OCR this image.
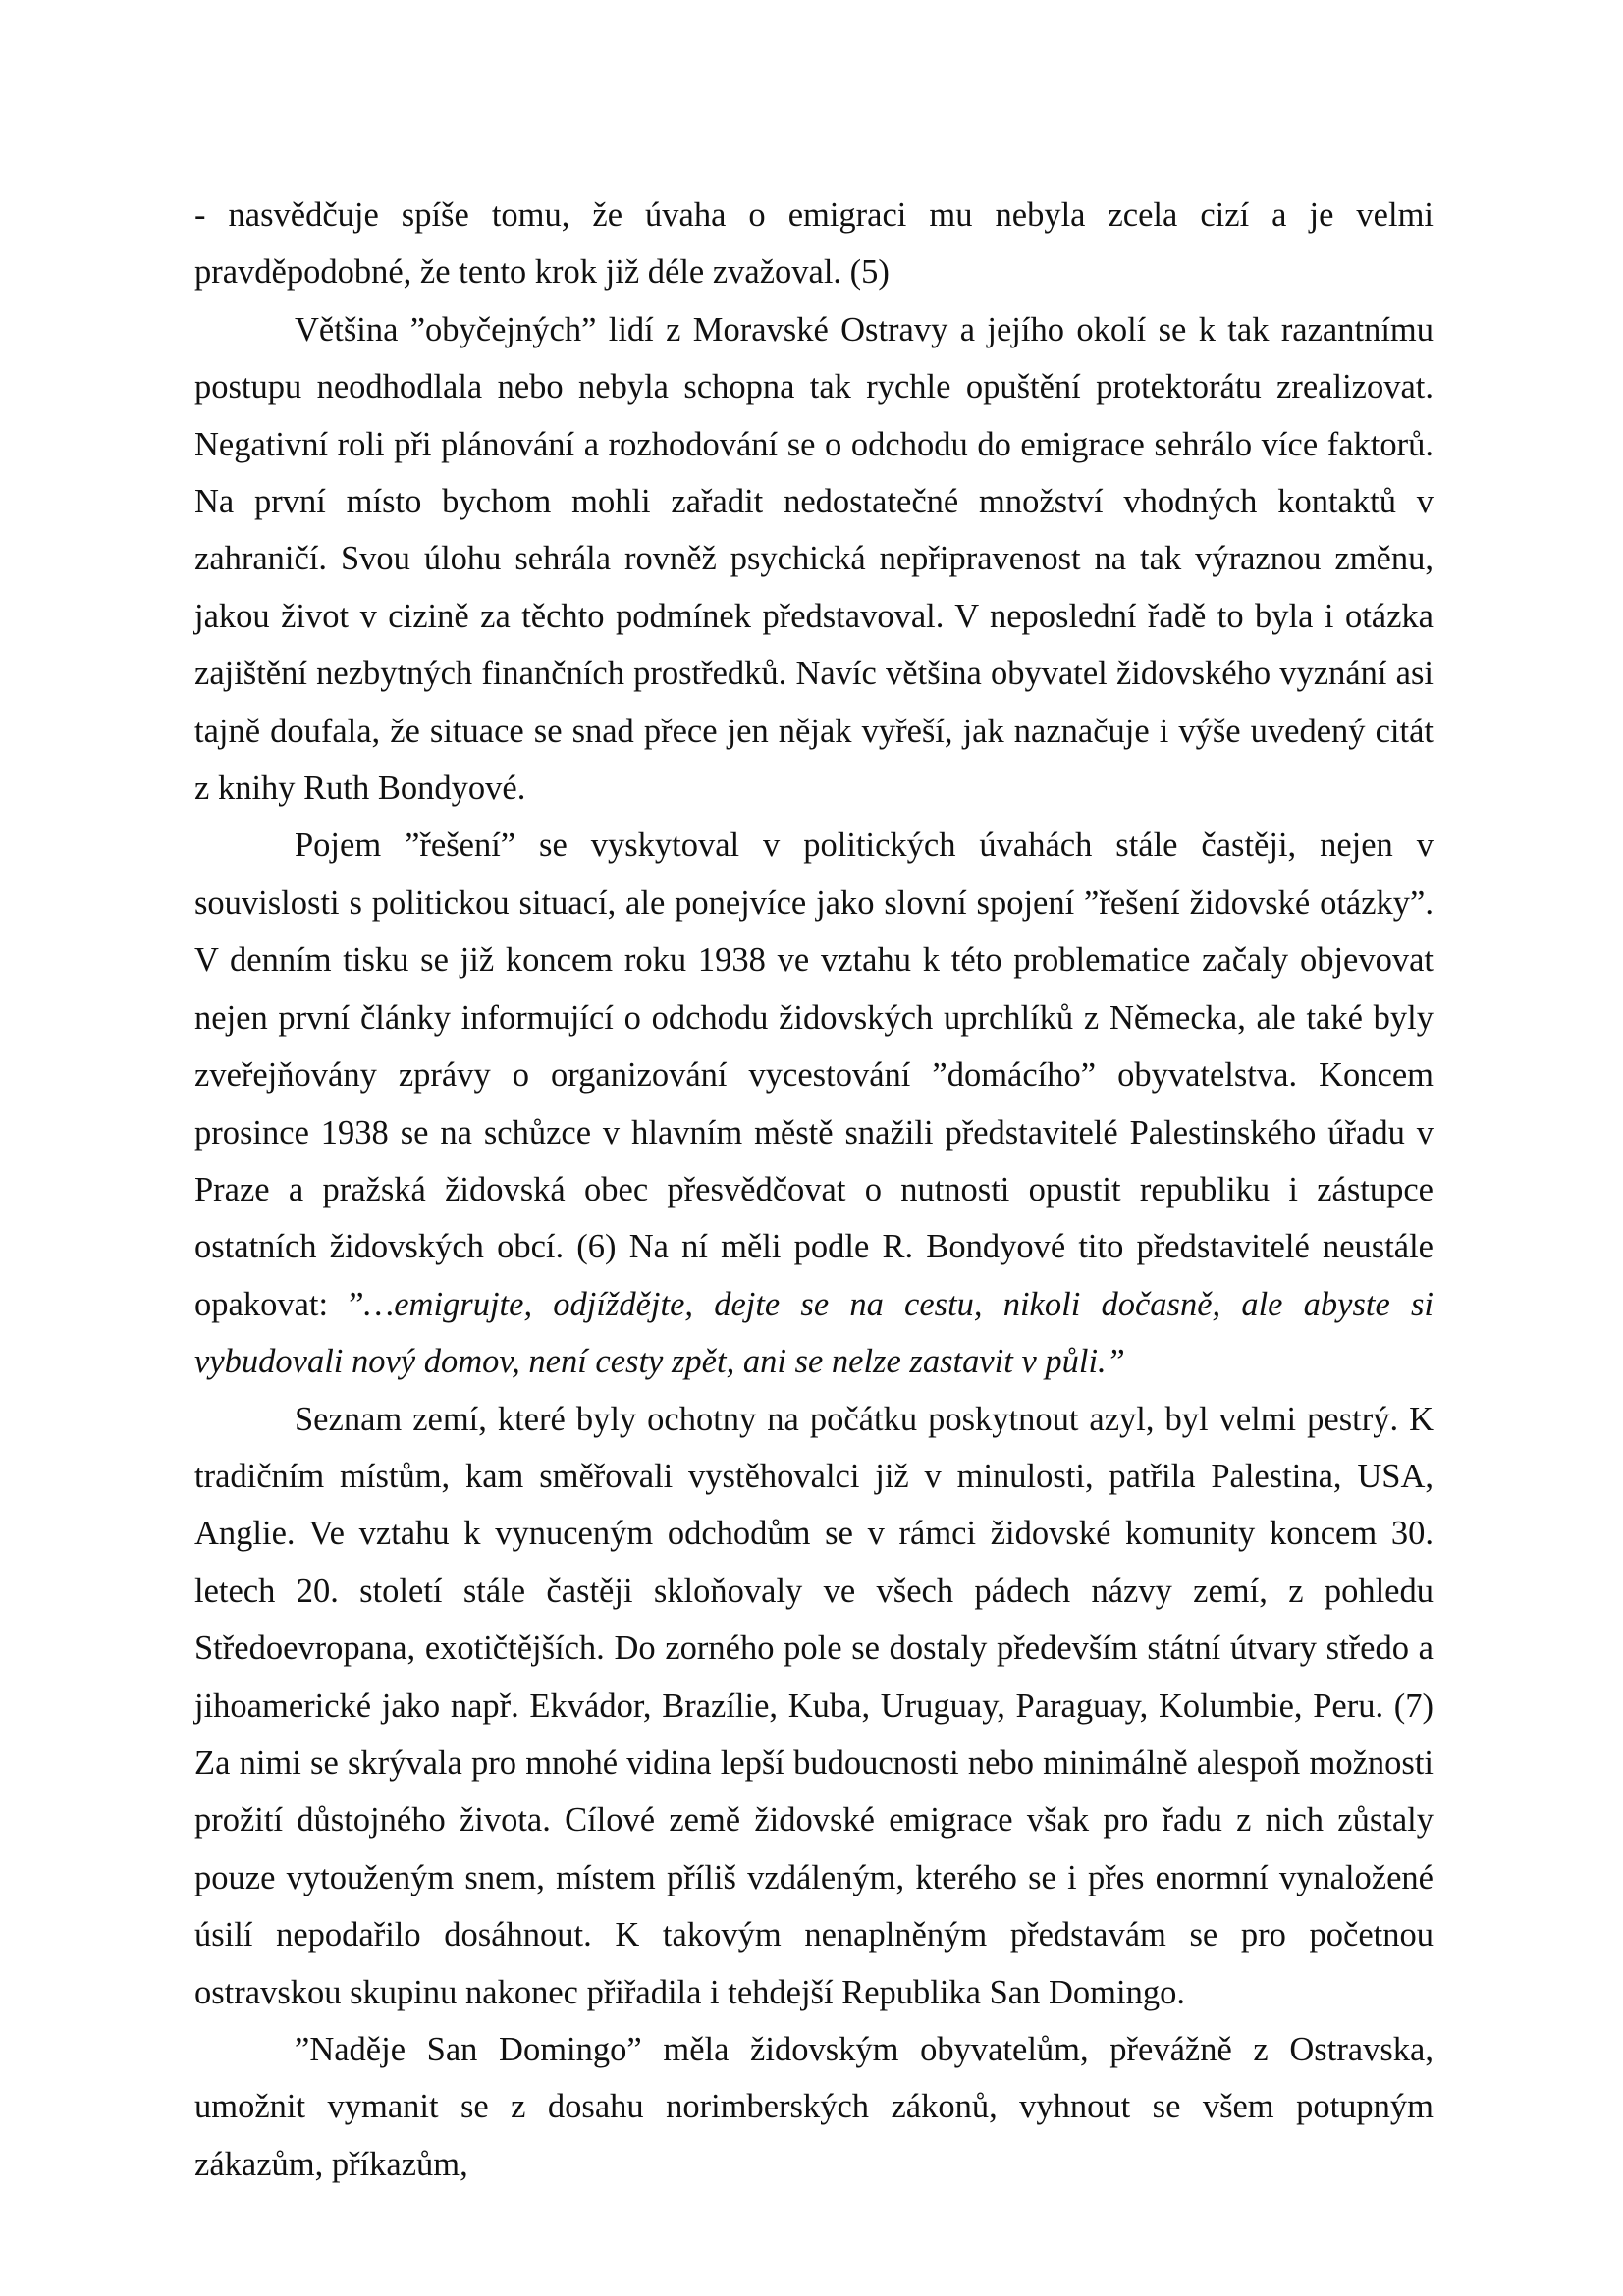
- nasvědčuje spíše tomu, že úvaha o emigraci mu nebyla zcela cizí a je velmi pravděpodobné, že tento krok již déle zvažoval. (5)

Většina ”obyčejných” lidí z Moravské Ostravy a jejího okolí se k tak razantnímu postupu neodhodlala nebo nebyla schopna tak rychle opuštění protektorátu zrealizovat. Negativní roli při plánování a rozhodování se o odchodu do emigrace sehrálo více faktorů. Na první místo bychom mohli zařadit nedostatečné množství vhodných kontaktů v zahraničí. Svou úlohu sehrála rovněž psychická nepřipravenost na tak výraznou změnu, jakou život v cizině za těchto podmínek představoval. V neposlední řadě to byla i otázka zajištění nezbytných finančních prostředků. Navíc většina obyvatel židovského vyznání asi tajně doufala, že situace se snad přece jen nějak vyřeší, jak naznačuje i výše uvedený citát z knihy Ruth Bondyové.

Pojem ”řešení” se vyskytoval v politických úvahách stále častěji, nejen v souvislosti s politickou situací, ale ponejvíce jako slovní spojení ”řešení židovské otázky”. V denním tisku se již koncem roku 1938 ve vztahu k této problematice začaly objevovat nejen první články informující o odchodu židovských uprchlíků z Německa, ale také byly zveřejňovány zprávy o organizování vycestování ”domácího” obyvatelstva. Koncem prosince 1938 se na schůzce v hlavním městě snažili představitelé Palestinského úřadu v Praze a pražská židovská obec přesvědčovat o nutnosti opustit republiku i zástupce ostatních židovských obcí. (6) Na ní měli podle R. Bondyové tito představitelé neustále opakovat: ”…emigrujte, odjíždějte, dejte se na cestu, nikoli dočasně, ale abyste si vybudovali nový domov, není cesty zpět, ani se nelze zastavit v půli.”

Seznam zemí, které byly ochotny na počátku poskytnout azyl, byl velmi pestrý. K tradičním místům, kam směřovali vystěhovalci již v minulosti, patřila Palestina, USA, Anglie. Ve vztahu k vynuceným odchodům se v rámci židovské komunity koncem 30. letech 20. století stále častěji skloňovaly ve všech pádech názvy zemí, z pohledu Středoevropana, exotičtějších. Do zorného pole se dostaly především státní útvary středo a jihoamerické jako např. Ekvádor, Brazílie, Kuba, Uruguay, Paraguay, Kolumbie, Peru. (7) Za nimi se skrývala pro mnohé vidina lepší budoucnosti nebo minimálně alespoň možnosti prožití důstojného života. Cílové země židovské emigrace však pro řadu z nich zůstaly pouze vytouženým snem, místem příliš vzdáleným, kterého se i přes enormní vynaložené úsilí nepodařilo dosáhnout. K takovým nenaplněným představám se pro početnou ostravskou skupinu nakonec přiřadila i tehdejší Republika San Domingo.

”Naděje San Domingo” měla židovským obyvatelům, převážně z Ostravska, umožnit vymanit se z dosahu norimberských zákonů, vyhnout se všem potupným zákazům, příkazům,
